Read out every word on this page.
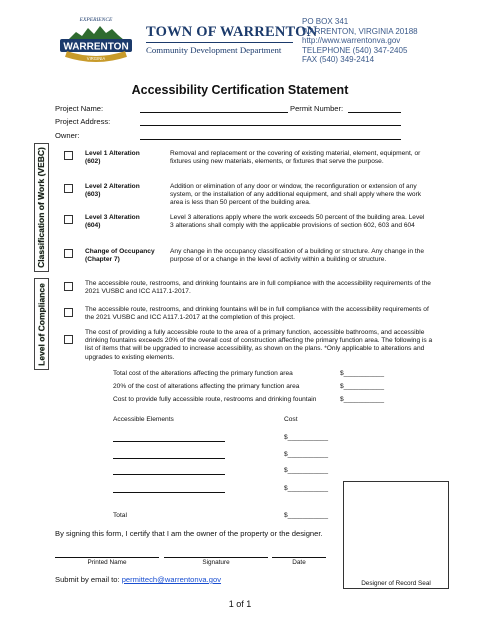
EXPERIENCE
WARRENTON
VIRGINIA
TOWN OF WARRENTON
Community Development Department
PO BOX 341
WARRENTON, VIRGINIA 20188
http://www.warrentonva.gov
TELEPHONE (540) 347-2405
FAX (540) 349-2414
Accessibility Certification Statement
Project Name:	Permit Number:
Project Address:
Owner:
Classification of Work (VEBC)
Level of Compliance
Level 1 Alteration
(602)
Removal and replacement or the covering of existing material, element, equipment, or fixtures using new materials, elements, or fixtures that serve the purpose.
Level 2 Alteration
(603)
Addition or elimination of any door or window, the reconfiguration or extension of any system, or the installation of any additional equipment, and shall apply where the work area is less than 50 percent of the building area.
Level 3 Alteration
(604)
Level 3 alterations apply where the work exceeds 50 percent of the building area. Level 3 alterations shall comply with the applicable provisions of section 602, 603 and 604
Change of Occupancy
(Chapter 7)
Any change in the occupancy classification of a building or structure. Any change in the purpose of or a change in the level of activity within a building or structure.
The accessible route, restrooms, and drinking fountains are in full compliance with the accessibility requirements of the 2021 VUSBC and ICC A117.1-2017.
The accessible route, restrooms, and drinking fountains will be in full compliance with the accessibility requirements of the 2021 VUSBC and ICC A117.1-2017 at the completion of this project.
The cost of providing a fully accessible route to the area of a primary function, accessible bathrooms, and accessible drinking fountains exceeds 20% of the overall cost of construction affecting the primary function area. The following is a list of items that will be upgraded to increase accessibility, as shown on the plans. *Only applicable to alterations and upgrades to existing elements.
Total cost of the alterations affecting the primary function area	$___________
20% of the cost of alterations affecting the primary function area	$___________
Cost to provide fully accessible route, restrooms and drinking fountain	$___________
Accessible Elements	Cost
$___________
$___________
$___________
$___________
Total	$___________
Designer of Record Seal
By signing this form, I certify that I am the owner of the property or the designer.
Printed Name	Signature	Date
Submit by email to: permittech@warrentonva.gov
1 of 1
